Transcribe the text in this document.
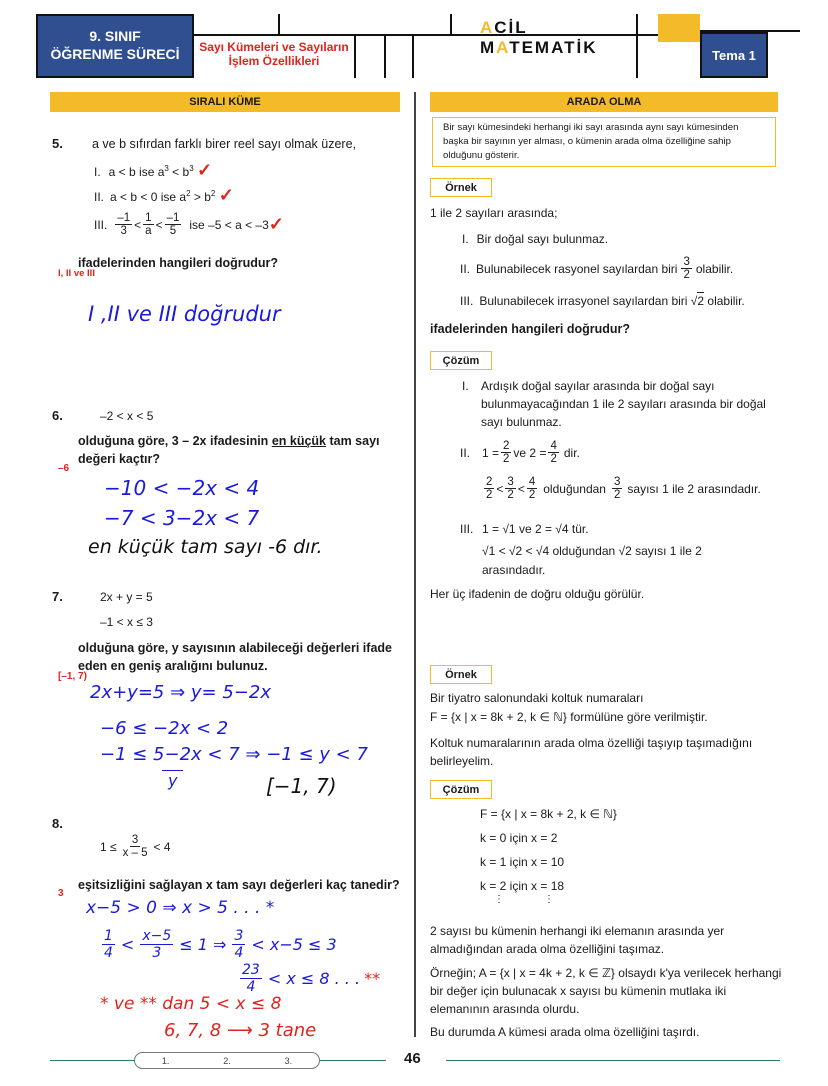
9. SINIF
ÖĞRENME SÜRECİ	Sayı Kümeleri ve Sayıların
İşlem Özellikleri
ACİL MATEMATİK	Tema 1
SIRALI KÜME
5. a ve b sıfırdan farklı birer reel sayı olmak üzere,
I. a < b ise $a^3 < b^3$ ✓
II. a < b < 0 ise $a^2 > b^2$ ✓
III. $\frac{-1}{3} < \frac{1}{a} < \frac{-1}{5}$ ise –5 < a < –3 ✓
ifadelerinden hangileri doğrudur?
I, II ve III
I ,II ve III doğrudur
6.	–2 < x < 5
olduğuna göre, 3 – 2x ifadesinin en küçük tam sayı
değeri kaçtır?
–6
−10 < −2x < 4
−7 < 3−2x < 7
en küçük tam sayı -6 dır.
7.	2x + y = 5
–1 < x ≤ 3
olduğuna göre, y sayısının alabileceği değerleri ifade
eden en geniş aralığını bulunuz.
[–1, 7)
2x+y=5 ⇒ y= 5−2x
−6 ≤ −2x < 2
−1 ≤ 5−2x < 7 ⇒ −1 ≤ y < 7
y	[−1, 7)
8.
$1 \le \frac{3}{x - 5} < 4$
eşitsizliğini sağlayan x tam sayı değerleri kaç tanedir?
3
x−5 > 0 ⇒ x > 5 . . . *
$\frac{1}{4} < \frac{x-5}{3} \le 1$ ⇒ $\frac{3}{4} < x-5 \le 3$
$\frac{23}{4} < x \le 8$ . . . **
* ve ** dan 5 < x ≤ 8
6, 7, 8 ⟶ 3 tane
ARADA OLMA
Bir sayı kümesindeki herhangi iki sayı arasında aynı sayı kümesinden başka bir sayının yer alması, o kümenin arada olma özelliğine sahip olduğunu gösterir.
Örnek
1 ile 2 sayıları arasında;
I. Bir doğal sayı bulunmaz.
II. Bulunabilecek rasyonel sayılardan biri $\frac{3}{2}$ olabilir.
III. Bulunabilecek irrasyonel sayılardan biri √2 olabilir.
ifadelerinden hangileri doğrudur?
Çözüm
I.	Ardışık doğal sayılar arasında bir doğal sayı bulunmayacağından 1 ile 2 sayıları arasında bir doğal sayı bulunmaz.
II. $1 = \frac{2}{2}$ ve $2 = \frac{4}{2}$ dir.
$\frac{2}{2} < \frac{3}{2} < \frac{4}{2}$ olduğundan $\frac{3}{2}$ sayısı 1 ile 2 arasındadır.
III. 1 = √1 ve 2 = √4 tür.
√1 < √2 < √4 olduğundan √2 sayısı 1 ile 2
arasındadır.
Her üç ifadenin de doğru olduğu görülür.
Örnek
Bir tiyatro salonundaki koltuk numaraları
F = {x | x = 8k + 2, k ∈ ℕ} formülüne göre verilmiştir.
Koltuk numaralarının arada olma özelliği taşıyıp taşımadığını belirleyelim.
Çözüm
F = {x | x = 8k + 2, k ∈ ℕ}
k = 0 için x = 2
k = 1 için x = 10
k = 2 için x = 18
⋮	⋮
2 sayısı bu kümenin herhangi iki elemanın arasında yer almadığından arada olma özelliğini taşımaz.
Örneğin; A = {x | x = 4k + 2, k ∈ ℤ} olsaydı k'ya verilecek herhangi bir değer için bulunacak x sayısı bu kümenin mutlaka iki elemanının arasında olurdu.
Bu durumda A kümesi arada olma özelliğini taşırdı.
1.	2.	3.	46
